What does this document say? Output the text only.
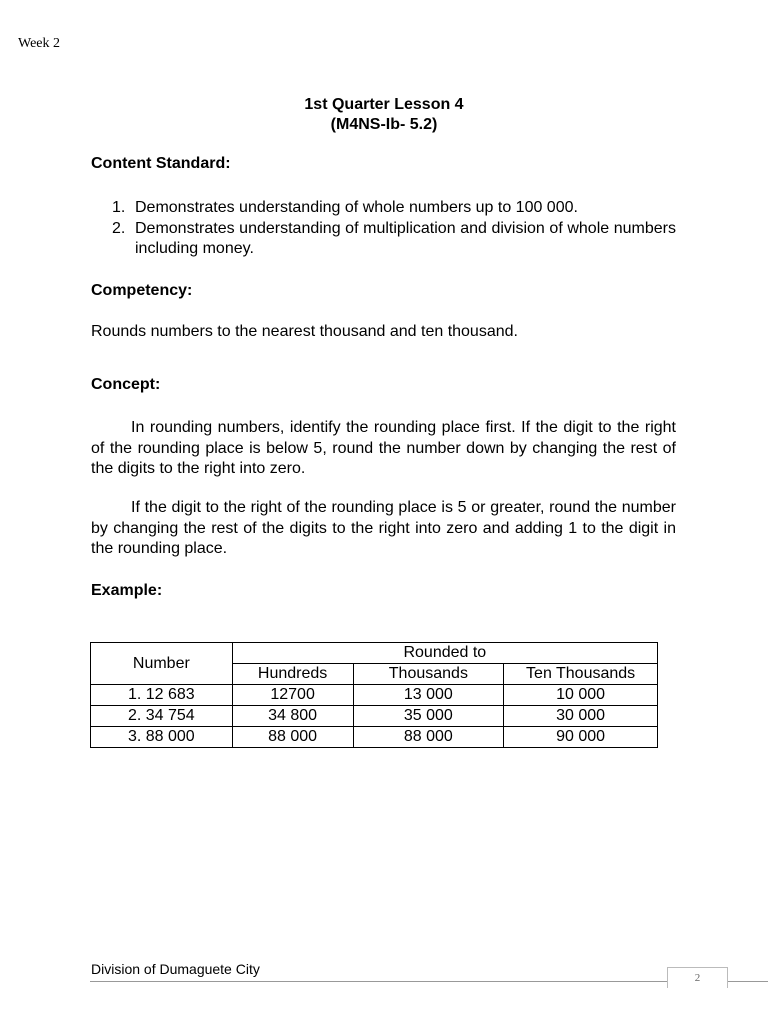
Week 2
1st Quarter Lesson 4
(M4NS-Ib- 5.2)
Content Standard:
1. Demonstrates understanding of whole numbers up to 100 000.
2. Demonstrates understanding of multiplication and division of whole numbers including money.
Competency:

Rounds numbers to the nearest thousand and ten thousand.

Concept:

In rounding numbers, identify the rounding place first. If the digit to the right of the rounding place is below 5, round the number down by changing the rest of the digits to the right into zero.

If the digit to the right of the rounding place is 5 or greater, round the number by changing the rest of the digits to the right into zero and adding 1 to the digit in the rounding place.

Example:
Number	Rounded to		
	Hundreds	Thousands	Ten Thousands
1. 12 683	12700	13 000	10 000
2. 34 754	34 800	35 000	30 000
3. 88 000	88 000	88 000	90 000
Division of Dumaguete City
2
